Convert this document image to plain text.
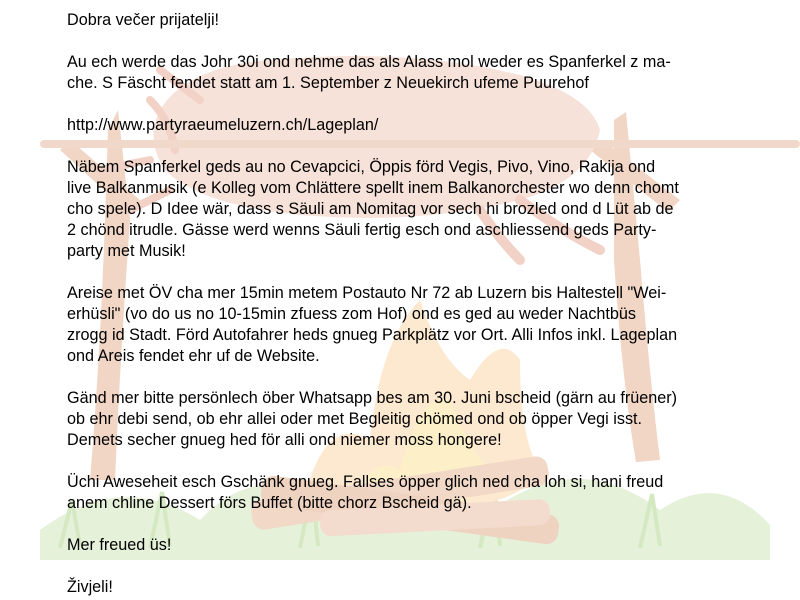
Dobra večer prijatelji!

Au ech werde das Johr 30i ond nehme das als Alass mol weder es Spanferkel z ma-
che. S Fäscht fendet statt am 1. September z Neuekirch ufeme Puurehof

http://www.partyraeumeluzern.ch/Lageplan/

Näbem Spanferkel geds au no Cevapcici, Öppis förd Vegis, Pivo, Vino, Rakija ond
live Balkanmusik (e Kolleg vom Chlättere spellt inem Balkanorchester wo denn chomt
cho spele). D Idee wär, dass s Säuli am Nomitag vor sech hi brozled ond d Lüt ab de
2 chönd itrudle. Gässe werd wenns Säuli fertig esch ond aschliessend geds Party-
party met Musik!

Areise met ÖV cha mer 15min metem Postauto Nr 72 ab Luzern bis Haltestell "Wei-
erhüsli" (vo do us no 10-15min zfuess zom Hof) ond es ged au weder Nachtbüs
zrogg id Stadt. Förd Autofahrer heds gnueg Parkplätz vor Ort. Alli Infos inkl. Lageplan
ond Areis fendet ehr uf de Website.

Gänd mer bitte persönlech öber Whatsapp bes am 30. Juni bscheid (gärn au früener)
ob ehr debi send, ob ehr allei oder met Begleitig chömed ond ob öpper Vegi isst.
Demets secher gnueg hed för alli ond niemer moss hongere!

Üchi Aweseheit esch Gschänk gnueg. Fallses öpper glich ned cha loh si, hani freud
anem chline Dessert förs Buffet (bitte chorz Bscheid gä).

Mer freued üs!

Živjeli!
